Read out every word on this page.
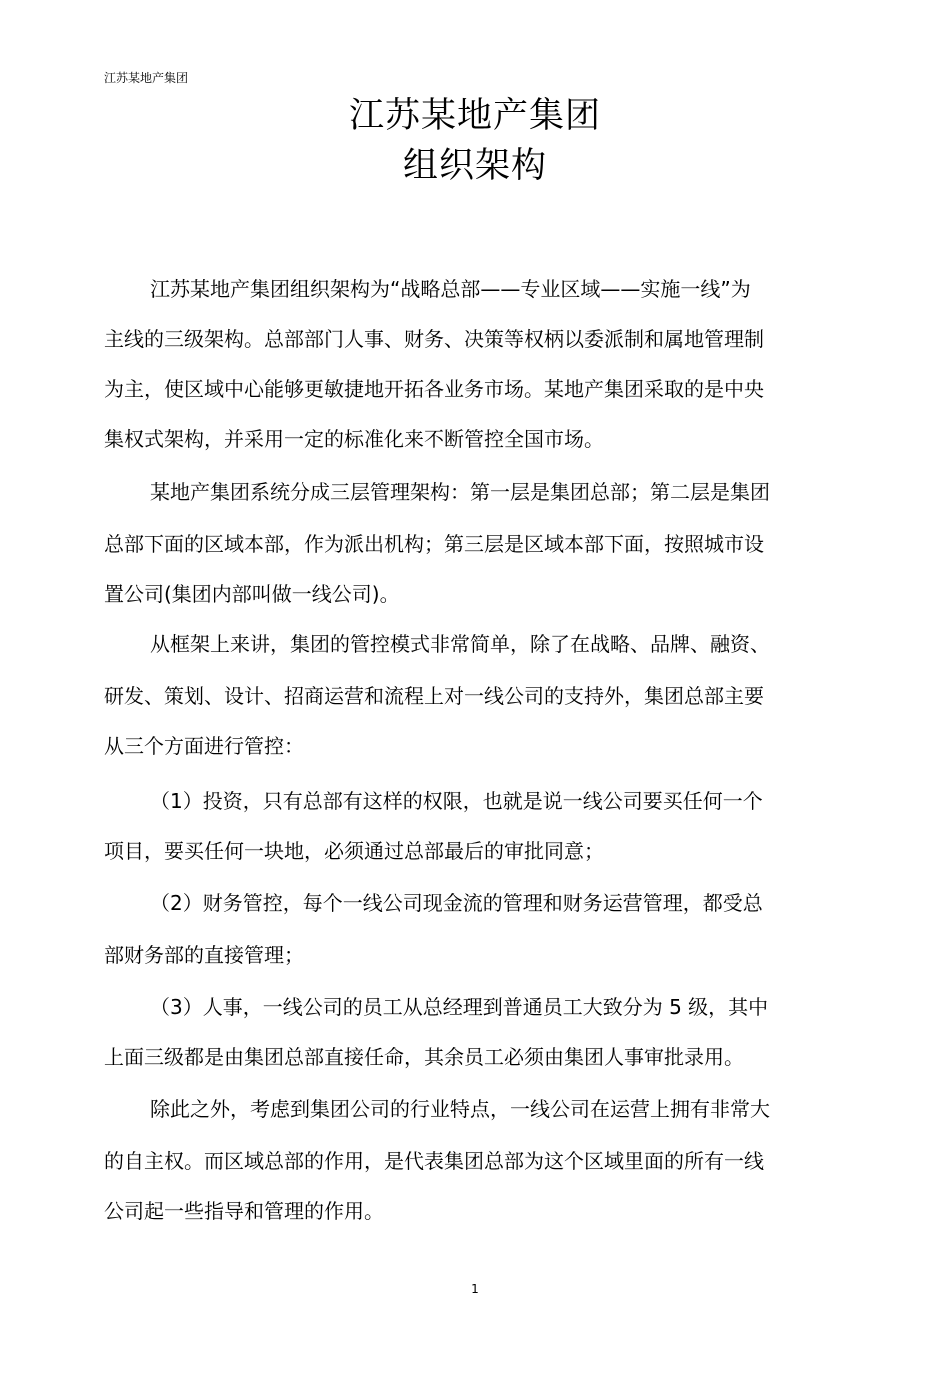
江苏某地产集团
江苏某地产集团
组织架构
江苏某地产集团组织架构为“战略总部——专业区域——实施一线”为
主线的三级架构。总部部门人事、财务、决策等权柄以委派制和属地管理制
为主，使区域中心能够更敏捷地开拓各业务市场。某地产集团采取的是中央
集权式架构，并采用一定的标准化来不断管控全国市场。
某地产集团系统分成三层管理架构：第一层是集团总部；第二层是集团
总部下面的区域本部，作为派出机构；第三层是区域本部下面，按照城市设
置公司(集团内部叫做一线公司)。
从框架上来讲，集团的管控模式非常简单，除了在战略、品牌、融资、
研发、策划、设计、招商运营和流程上对一线公司的支持外，集团总部主要
从三个方面进行管控：
（1）投资，只有总部有这样的权限，也就是说一线公司要买任何一个
项目，要买任何一块地，必须通过总部最后的审批同意；
（2）财务管控，每个一线公司现金流的管理和财务运营管理，都受总
部财务部的直接管理；
（3）人事，一线公司的员工从总经理到普通员工大致分为 5 级，其中
上面三级都是由集团总部直接任命，其余员工必须由集团人事审批录用。
除此之外，考虑到集团公司的行业特点，一线公司在运营上拥有非常大
的自主权。而区域总部的作用，是代表集团总部为这个区域里面的所有一线
公司起一些指导和管理的作用。
1
